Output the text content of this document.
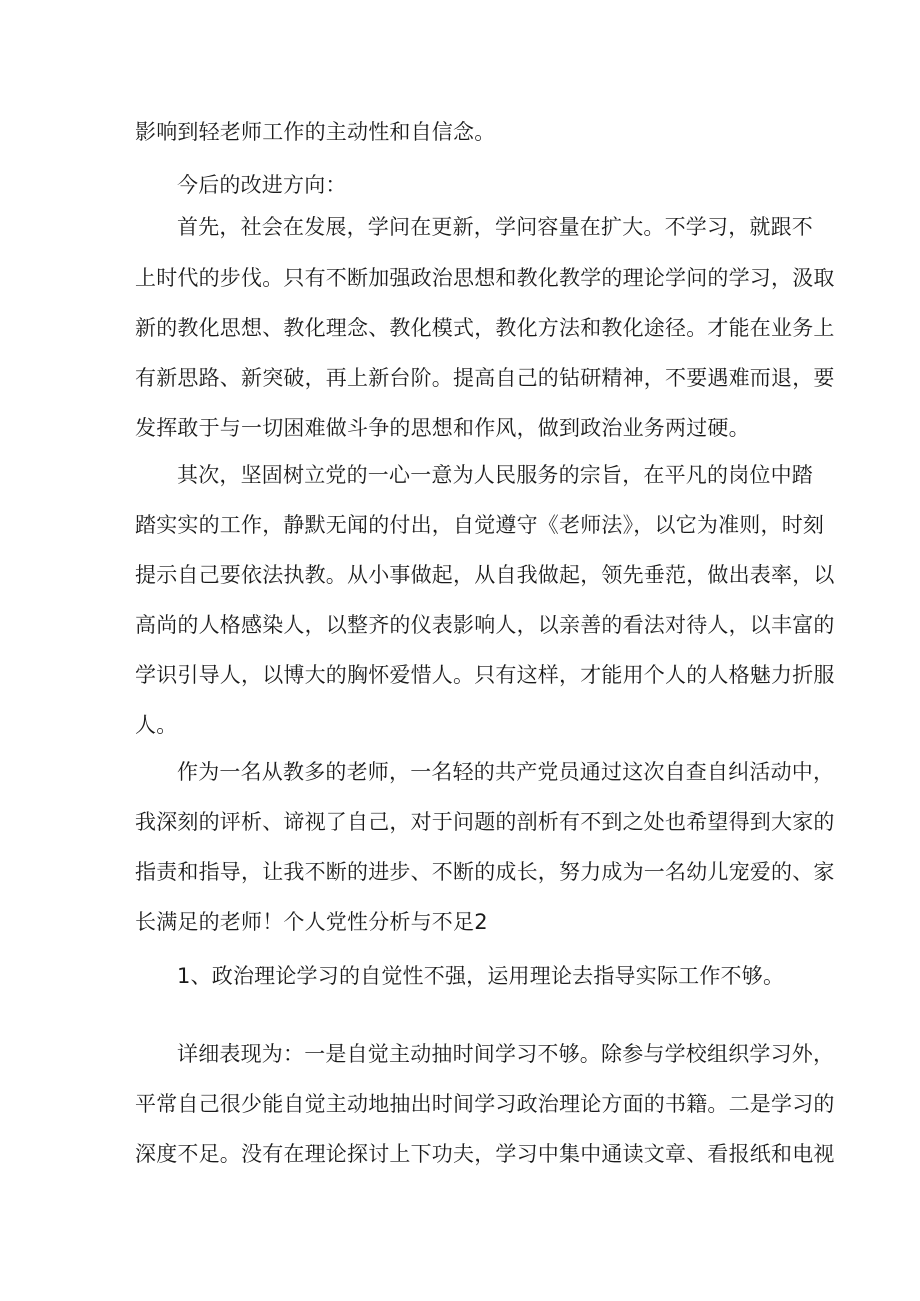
影响到轻老师工作的主动性和自信念。

今后的改进方向：

首先，社会在发展，学问在更新，学问容量在扩大。不学习，就跟不

上时代的步伐。只有不断加强政治思想和教化教学的理论学问的学习，汲取

新的教化思想、教化理念、教化模式，教化方法和教化途径。才能在业务上

有新思路、新突破，再上新台阶。提高自己的钻研精神，不要遇难而退，要

发挥敢于与一切困难做斗争的思想和作风，做到政治业务两过硬。

其次，坚固树立党的一心一意为人民服务的宗旨，在平凡的岗位中踏

踏实实的工作，静默无闻的付出，自觉遵守《老师法》，以它为准则，时刻

提示自己要依法执教。从小事做起，从自我做起，领先垂范，做出表率，以

高尚的人格感染人，以整齐的仪表影响人，以亲善的看法对待人，以丰富的

学识引导人，以博大的胸怀爱惜人。只有这样，才能用个人的人格魅力折服

人。

作为一名从教多的老师，一名轻的共产党员通过这次自查自纠活动中，

我深刻的评析、谛视了自己，对于问题的剖析有不到之处也希望得到大家的

指责和指导，让我不断的进步、不断的成长，努力成为一名幼儿宠爱的、家

长满足的老师！个人党性分析与不足2

1、政治理论学习的自觉性不强，运用理论去指导实际工作不够。

详细表现为：一是自觉主动抽时间学习不够。除参与学校组织学习外，

平常自己很少能自觉主动地抽出时间学习政治理论方面的书籍。二是学习的

深度不足。没有在理论探讨上下功夫，学习中集中通读文章、看报纸和电视
